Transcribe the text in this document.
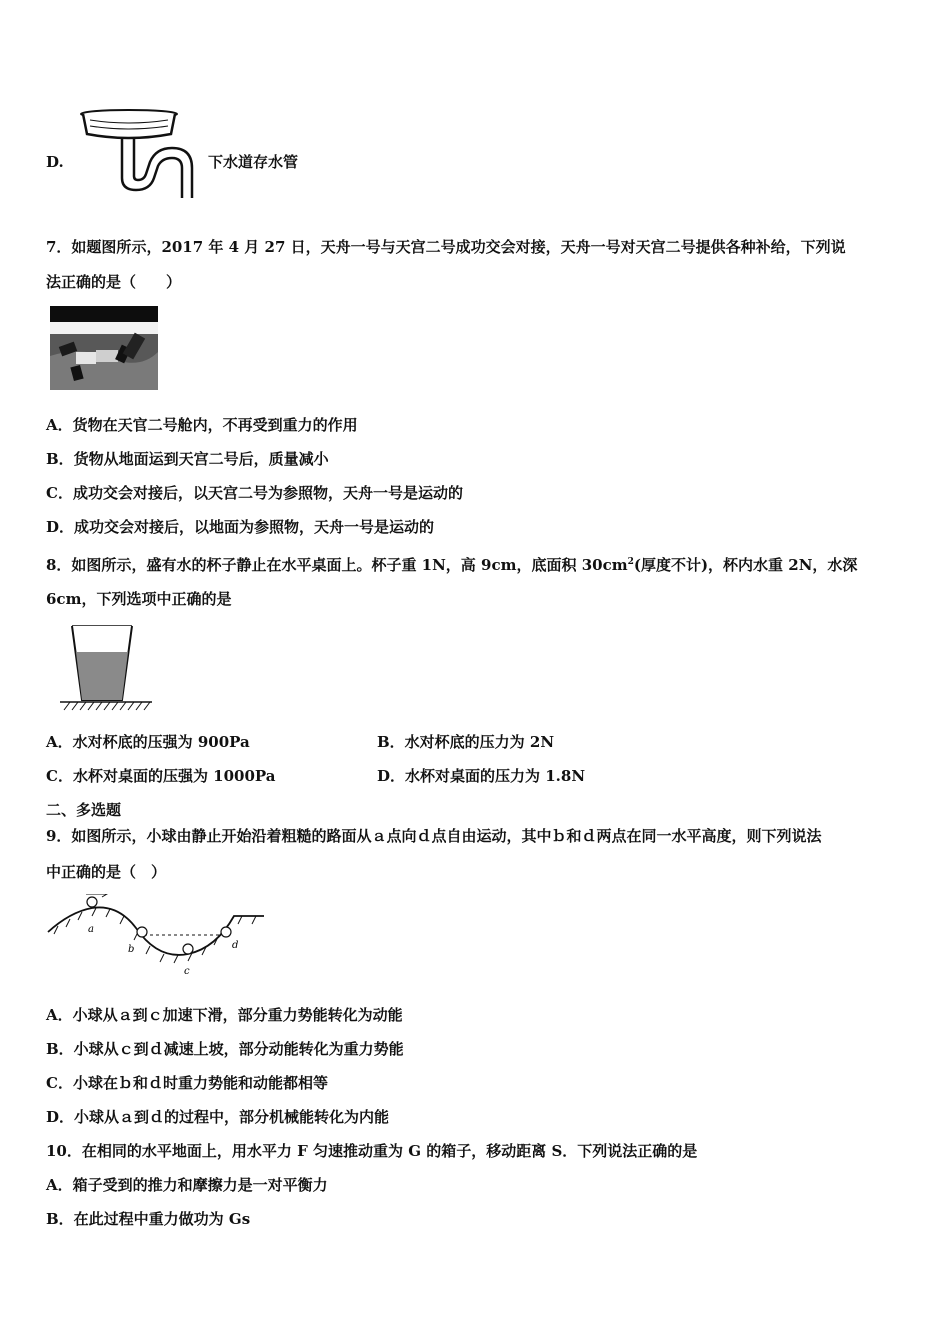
D.	下水道存水管
7．如题图所示，2017 年 4 月 27 日，天舟一号与天宫二号成功交会对接，天舟一号对天宫二号提供各种补给，下列说
法正确的是（　　）
A．货物在天官二号舱内，不再受到重力的作用
B．货物从地面运到天宫二号后，质量减小
C．成功交会对接后，以天宫二号为参照物，天舟一号是运动的
D．成功交会对接后，以地面为参照物，天舟一号是运动的
8．如图所示，盛有水的杯子静止在水平桌面上。杯子重 1N，高 9cm，底面积 $30cm^2$(厚度不计)，杯内水重 2N，水深
6cm，下列选项中正确的是
A．水对杯底的压强为 900Pa	B．水对杯底的压力为 2N
C．水杯对桌面的压强为 1000Pa	D．水杯对桌面的压力为 1.8N
二、多选题
9．如图所示，小球由静止开始沿着粗糙的路面从ａ点向ｄ点自由运动，其中ｂ和ｄ两点在同一水平高度，则下列说法
中正确的是（　）
a
b
c
d
A．小球从ａ到ｃ加速下滑，部分重力势能转化为动能
B．小球从ｃ到ｄ减速上坡，部分动能转化为重力势能
C．小球在ｂ和ｄ时重力势能和动能都相等
D．小球从ａ到ｄ的过程中，部分机械能转化为内能
10．在相同的水平地面上，用水平力 F 匀速推动重为 G 的箱子，移动距离 S．下列说法正确的是
A．箱子受到的推力和摩擦力是一对平衡力
B．在此过程中重力做功为 Gs
